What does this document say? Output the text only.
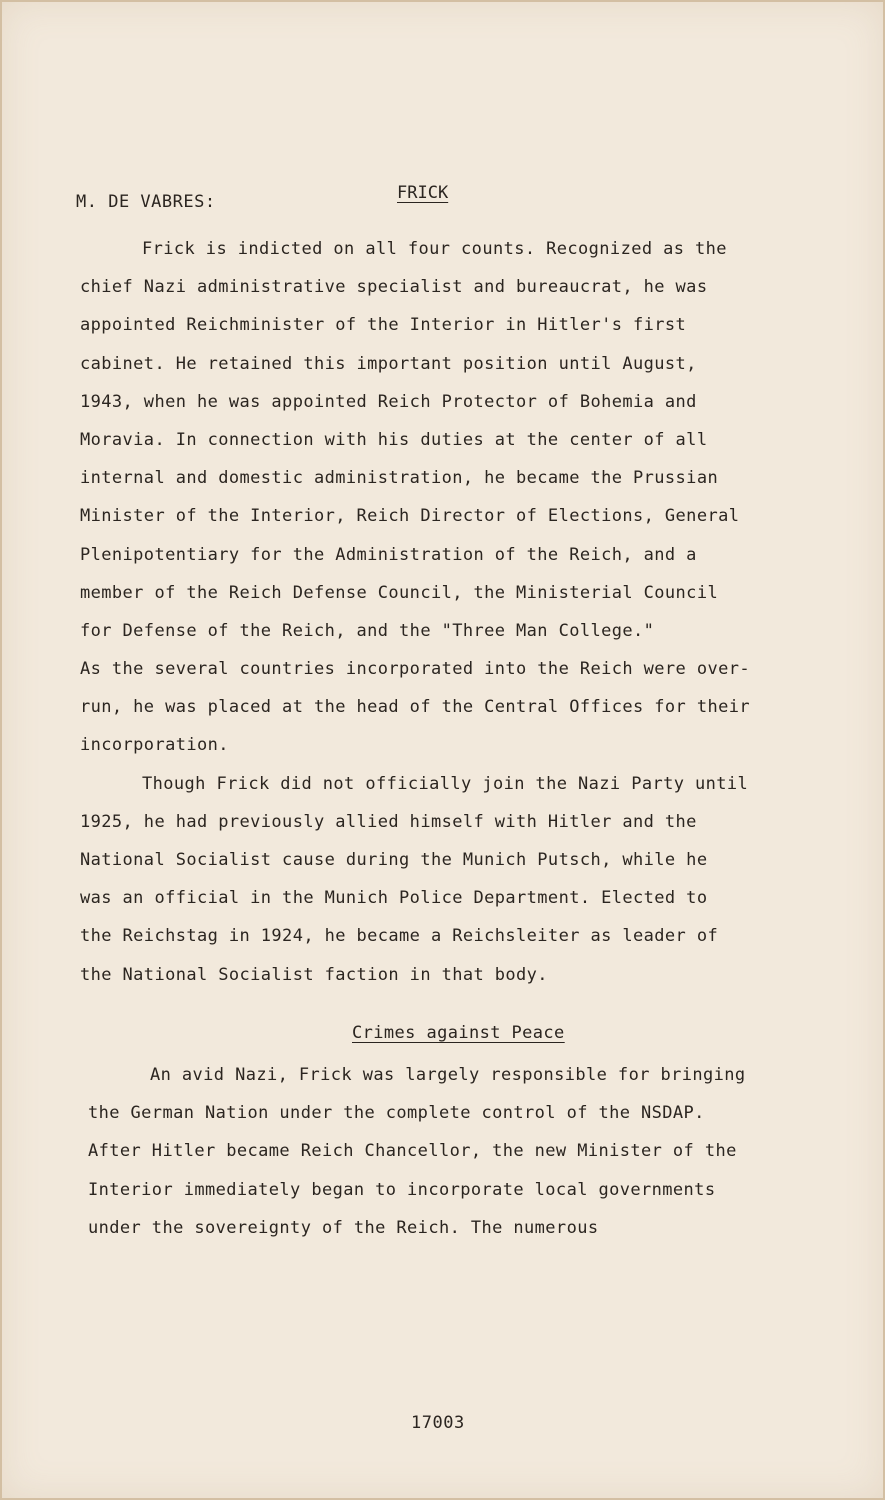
M. DE VABRES:	FRICK
Frick is indicted on all four counts. Recognized as the
chief Nazi administrative specialist and bureaucrat, he was
appointed Reichminister of the Interior in Hitler's first
cabinet. He retained this important position until August,
1943, when he was appointed Reich Protector of Bohemia and
Moravia. In connection with his duties at the center of all
internal and domestic administration, he became the Prussian
Minister of the Interior, Reich Director of Elections, General
Plenipotentiary for the Administration of the Reich, and a
member of the Reich Defense Council, the Ministerial Council
for Defense of the Reich, and the "Three Man College."
As the several countries incorporated into the Reich were over-
run, he was placed at the head of the Central Offices for their
incorporation.
Though Frick did not officially join the Nazi Party until
1925, he had previously allied himself with Hitler and the
National Socialist cause during the Munich Putsch, while he
was an official in the Munich Police Department. Elected to
the Reichstag in 1924, he became a Reichsleiter as leader of
the National Socialist faction in that body.
Crimes against Peace
An avid Nazi, Frick was largely responsible for bringing
the German Nation under the complete control of the NSDAP.
After Hitler became Reich Chancellor, the new Minister of the
Interior immediately began to incorporate local governments
under the sovereignty of the Reich. The numerous
17003
